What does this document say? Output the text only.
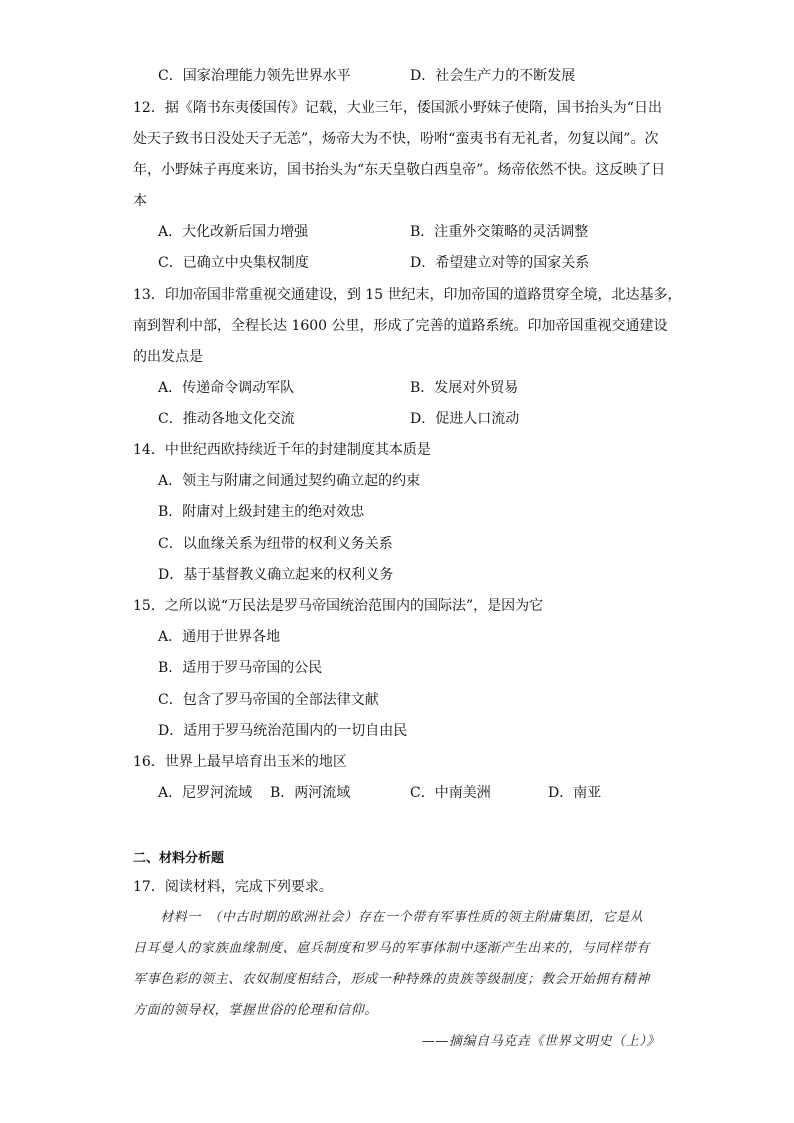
C．国家治理能力领先世界水平	D．社会生产力的不断发展
12．据《隋书东夷倭国传》记载，大业三年，倭国派小野妹子使隋，国书抬头为“日出
处天子致书日没处天子无恙”，炀帝大为不快，吩咐“蛮夷书有无礼者，勿复以闻”。次
年，小野妹子再度来访，国书抬头为“东天皇敬白西皇帝”。炀帝依然不快。这反映了日
本
A．大化改新后国力增强	B．注重外交策略的灵活调整
C．已确立中央集权制度	D．希望建立对等的国家关系
13．印加帝国非常重视交通建设，到 15 世纪末，印加帝国的道路贯穿全境，北达基多，
南到智利中部，全程长达 1600 公里，形成了完善的道路系统。印加帝国重视交通建设
的出发点是
A．传递命令调动军队	B．发展对外贸易
C．推动各地文化交流	D．促进人口流动
14．中世纪西欧持续近千年的封建制度其本质是
A．领主与附庸之间通过契约确立起的约束
B．附庸对上级封建主的绝对效忠
C．以血缘关系为纽带的权利义务关系
D．基于基督教义确立起来的权利义务
15．之所以说“万民法是罗马帝国统治范围内的国际法”，是因为它
A．通用于世界各地
B．适用于罗马帝国的公民
C．包含了罗马帝国的全部法律文献
D．适用于罗马统治范围内的一切自由民
16．世界上最早培育出玉米的地区
A．尼罗河流域 B．两河流域	C．中南美洲	D．南亚
二、材料分析题
17．阅读材料，完成下列要求。
　　材料一　（中古时期的欧洲社会）存在一个带有军事性质的领主附庸集团，它是从
日耳曼人的家族血缘制度、扈兵制度和罗马的军事体制中逐渐产生出来的，与同样带有
军事色彩的领主、农奴制度相结合，形成一种特殊的贵族等级制度；教会开始拥有精神
方面的领导权，掌握世俗的伦理和信仰。
——摘编自马克垚《世界文明史（上）》
